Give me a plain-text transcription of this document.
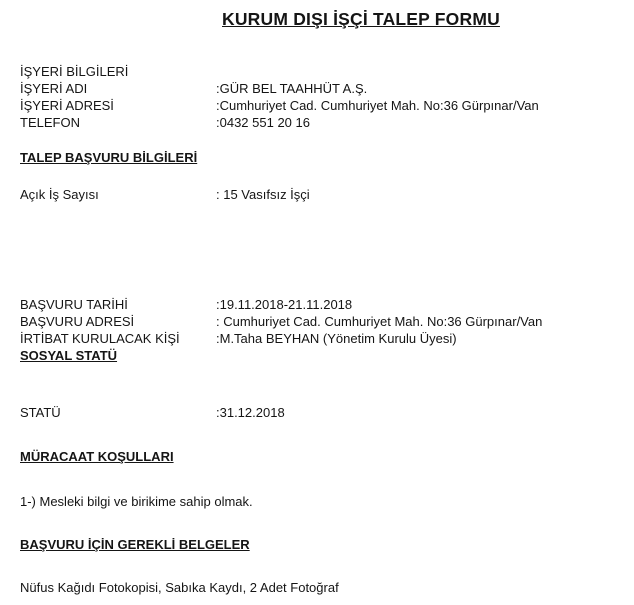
KURUM DIŞI İŞÇİ TALEP FORMU
İŞYERİ BİLGİLERİ
İŞYERİ ADI	:GÜR BEL TAAHHÜT A.Ş.
İŞYERİ ADRESİ	:Cumhuriyet Cad. Cumhuriyet Mah. No:36 Gürpınar/Van
TELEFON	:0432 551 20 16
TALEP BAŞVURU BİLGİLERİ
Açık İş Sayısı	: 15 Vasıfsız İşçi
BAŞVURU TARİHİ	:19.11.2018-21.11.2018
BAŞVURU ADRESİ	: Cumhuriyet Cad. Cumhuriyet Mah. No:36 Gürpınar/Van
İRTİBAT KURULACAK KİŞİ	:M.Taha BEYHAN (Yönetim Kurulu Üyesi)
SOSYAL STATÜ
STATÜ	:31.12.2018
MÜRACAAT KOŞULLARI
1-) Mesleki bilgi ve birikime sahip olmak.
BAŞVURU İÇİN GEREKLİ BELGELER
Nüfus Kağıdı Fotokopisi, Sabıka Kaydı, 2 Adet Fotoğraf
